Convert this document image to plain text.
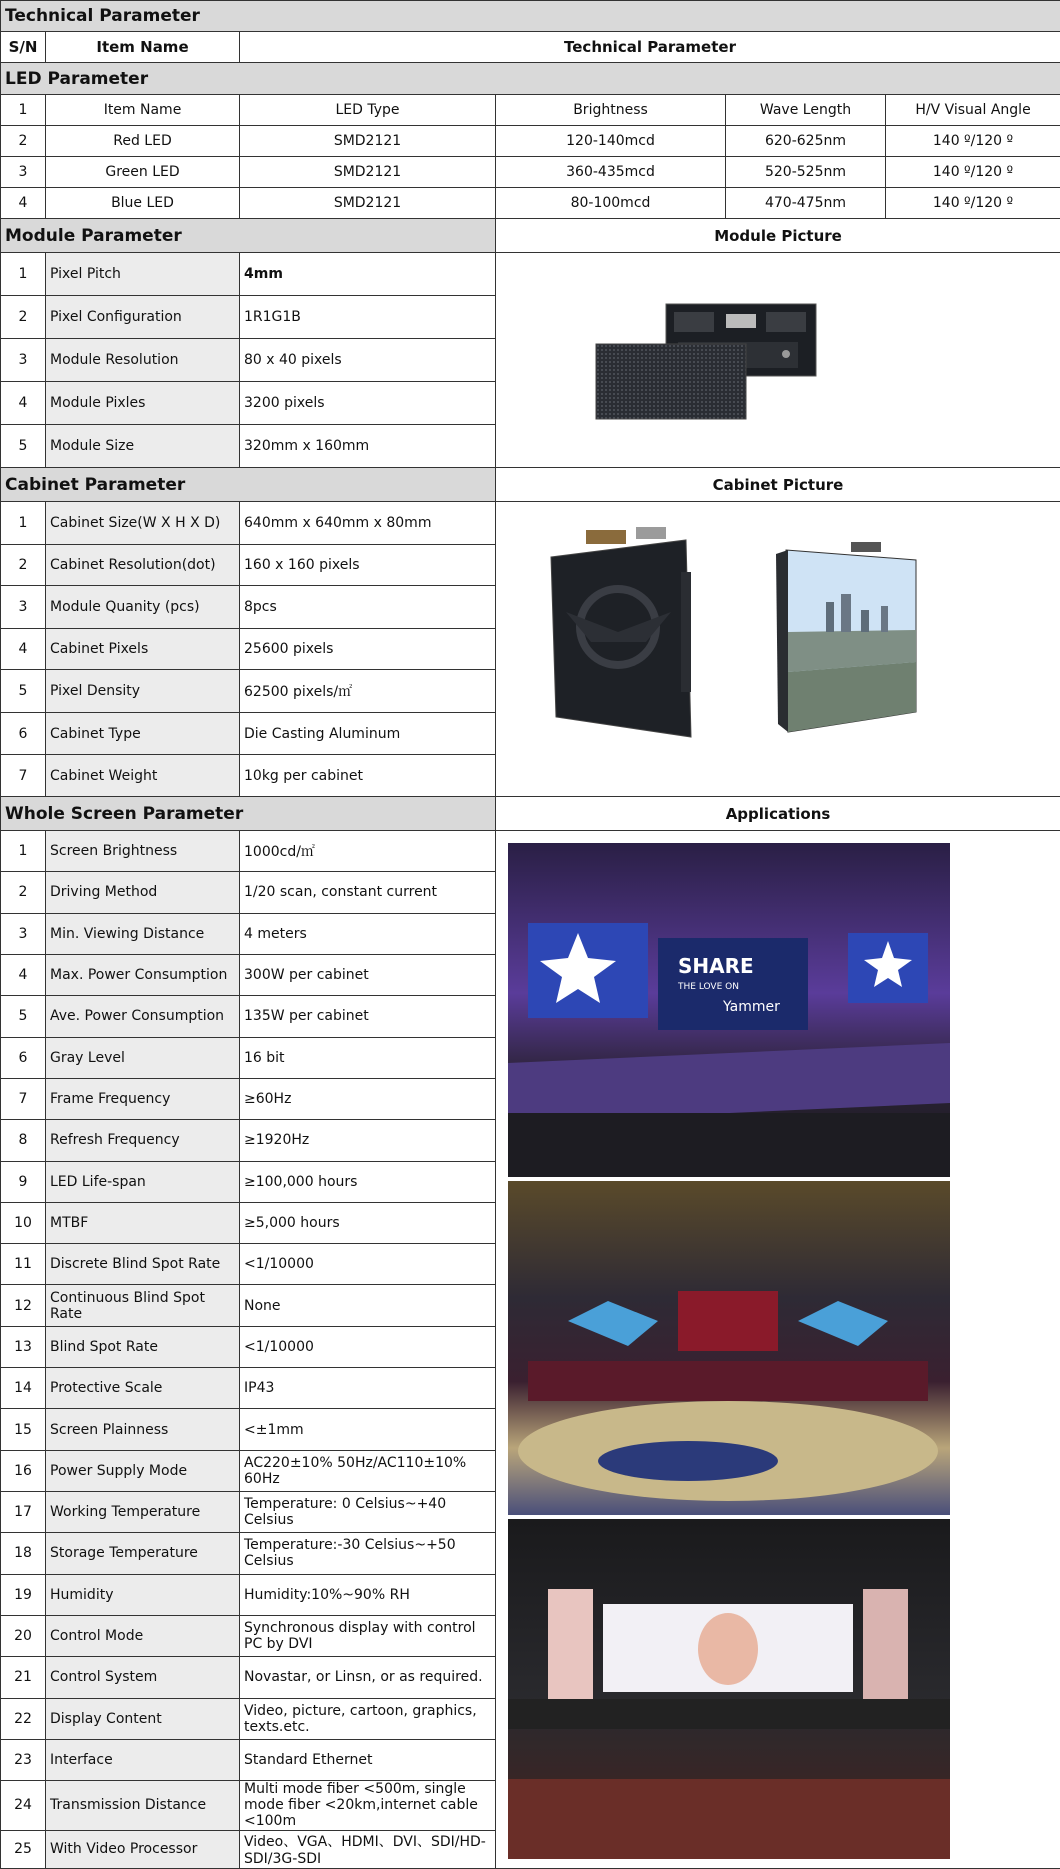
Technical Parameter					
S/N	Item Name	Technical Parameter			
LED Parameter					
1	Item Name	LED Type	Brightness	Wave Length	H/V Visual Angle
2	Red LED	SMD2121	120-140mcd	620-625nm	140 º/120 º
3	Green LED	SMD2121	360-435mcd	520-525nm	140 º/120 º
4	Blue LED	SMD2121	80-100mcd	470-475nm	140 º/120 º
Module Parameter			Module Picture		
1	Pixel Pitch	4mm	

2	Pixel Configuration	1R1G1B			
3	Module Resolution	80 x 40 pixels			
4	Module Pixles	3200 pixels			
5	Module Size	320mm x 160mm			
Cabinet Parameter			Cabinet Picture		
1	Cabinet Size(W X H X D)	640mm x 640mm x 80mm	

2	Cabinet Resolution(dot)	160 x 160 pixels			
3	Module Quanity (pcs)	8pcs			
4	Cabinet Pixels	25600 pixels			
5	Pixel Density	62500 pixels/㎡			
6	Cabinet Type	Die Casting Aluminum			
7	Cabinet Weight	10kg per cabinet			
Whole Screen Parameter			Applications		
1	Screen Brightness	1000cd/㎡	SHARE
THE LOVE ON
Yammer		

2	Driving Method	1/20 scan, constant current			
3	Min. Viewing Distance	4 meters			
4	Max. Power Consumption	300W per cabinet			
5	Ave. Power Consumption	135W per cabinet			
6	Gray Level	16 bit			
7	Frame Frequency	≥60Hz			
8	Refresh Frequency	≥1920Hz			
9	LED Life-span	≥100,000 hours			
10	MTBF	≥5,000 hours			
11	Discrete Blind Spot Rate	<1/10000			
12	Continuous Blind Spot Rate	None			
13	Blind Spot Rate	<1/10000			
14	Protective Scale	IP43			
15	Screen Plainness	<±1mm			
16	Power Supply Mode	AC220±10% 50Hz/AC110±10% 60Hz			
17	Working Temperature	Temperature: 0 Celsius~+40 Celsius			
18	Storage Temperature	Temperature:-30 Celsius~+50 Celsius			
19	Humidity	Humidity:10%~90% RH			
20	Control Mode	Synchronous display with control PC by DVI			
21	Control System	Novastar, or Linsn, or as required.			
22	Display Content	Video, picture, cartoon, graphics, texts.etc.			
23	Interface	Standard Ethernet			
24	Transmission Distance	Multi mode fiber <500m, single mode fiber <20km,internet cable <100m			
25	With Video Processor	Video、VGA、HDMI、DVI、SDI/HD-SDI/3G-SDI			
